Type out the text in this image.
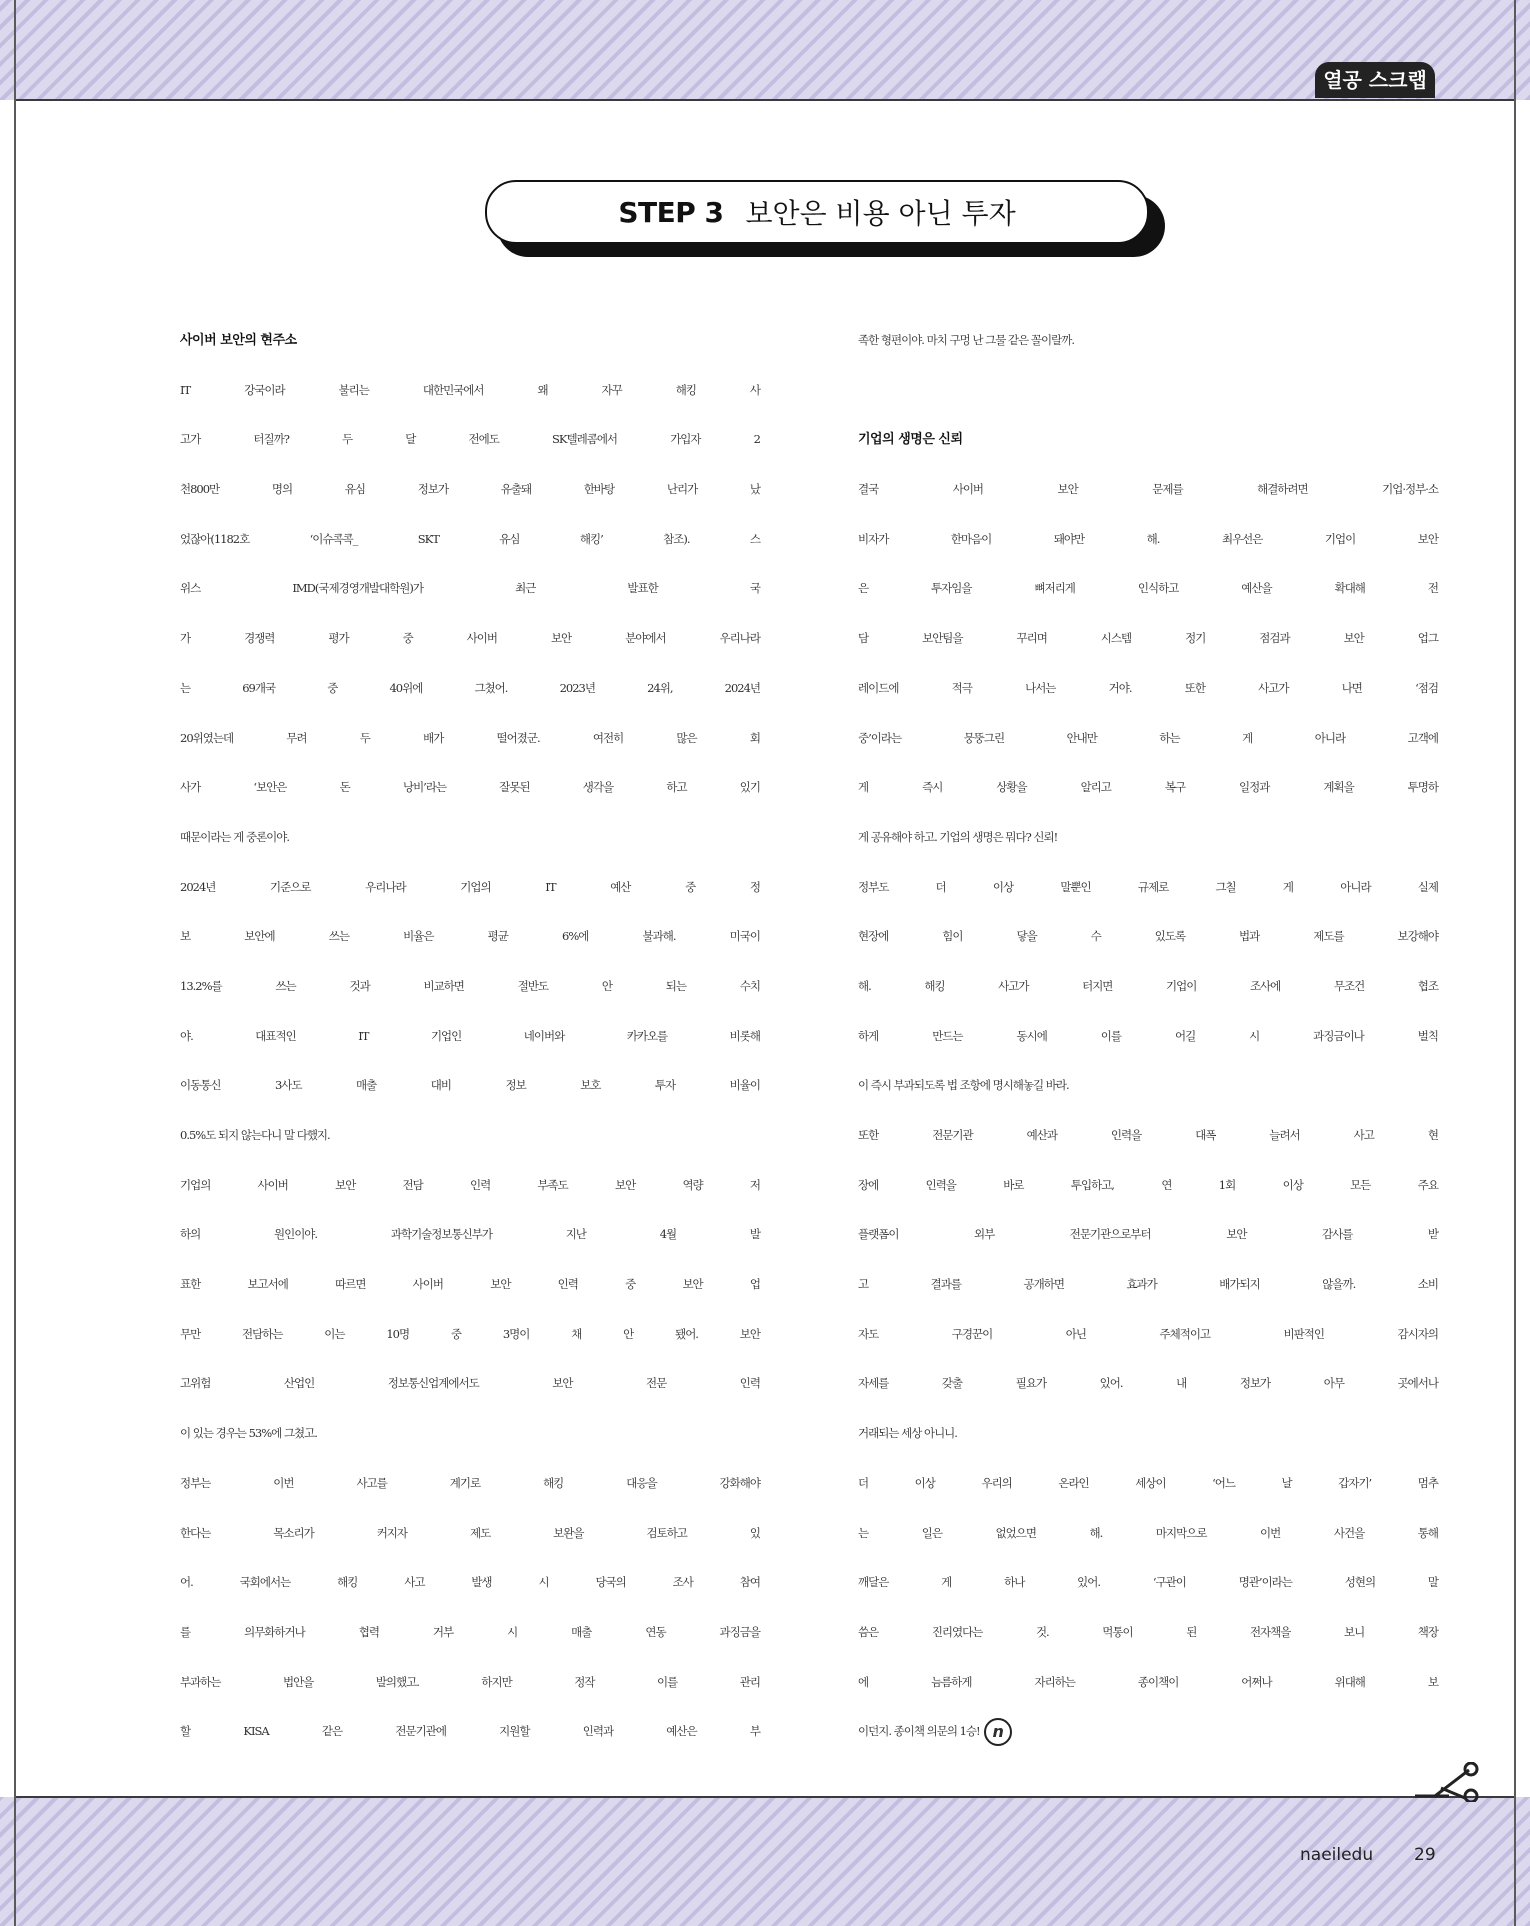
열공 스크랩
STEP 3 보안은 비용 아닌 투자
사이버 보안의 현주소
IT 강국이라 불리는 대한민국에서 왜 자꾸 해킹 사
고가 터질까? 두 달 전에도 SK텔레콤에서 가입자 2
천800만 명의 유심 정보가 유출돼 한바탕 난리가 났
었잖아(1182호 ‘이슈콕콕_ SKT 유심 해킹’ 참조). 스
위스 IMD(국제경영개발대학원)가 최근 발표한 국
가 경쟁력 평가 중 사이버 보안 분야에서 우리나라
는 69개국 중 40위에 그쳤어. 2023년 24위, 2024년
20위였는데 무려 두 배가 떨어졌군. 여전히 많은 회
사가 ‘보안은 돈 낭비’라는 잘못된 생각을 하고 있기
때문이라는 게 중론이야.
2024년 기준으로 우리나라 기업의 IT 예산 중 정
보 보안에 쓰는 비율은 평균 6%에 불과해. 미국이
13.2%를 쓰는 것과 비교하면 절반도 안 되는 수치
야. 대표적인 IT 기업인 네이버와 카카오를 비롯해
이동통신 3사도 매출 대비 정보 보호 투자 비율이
0.5%도 되지 않는다니 말 다했지.
기업의 사이버 보안 전담 인력 부족도 보안 역량 저
하의 원인이야. 과학기술정보통신부가 지난 4월 발
표한 보고서에 따르면 사이버 보안 인력 중 보안 업
무만 전담하는 이는 10명 중 3명이 채 안 됐어. 보안
고위험 산업인 정보통신업계에서도 보안 전문 인력
이 있는 경우는 53%에 그쳤고.
정부는 이번 사고를 계기로 해킹 대응을 강화해야
한다는 목소리가 커지자 제도 보완을 검토하고 있
어. 국회에서는 해킹 사고 발생 시 당국의 조사 참여
를 의무화하거나 협력 거부 시 매출 연동 과징금을
부과하는 법안을 발의했고. 하지만 정작 이를 관리
할 KISA 같은 전문기관에 지원할 인력과 예산은 부
족한 형편이야. 마치 구멍 난 그물 같은 꼴이랄까.
기업의 생명은 신뢰
결국 사이버 보안 문제를 해결하려면 기업·정부·소
비자가 한마음이 돼야만 해. 최우선은 기업이 보안
은 투자임을 뼈저리게 인식하고 예산을 확대해 전
담 보안팀을 꾸리며 시스템 정기 점검과 보안 업그
레이드에 적극 나서는 거야. 또한 사고가 나면 ‘점검
중’이라는 뭉뚱그린 안내만 하는 게 아니라 고객에
게 즉시 상황을 알리고 복구 일정과 계획을 투명하
게 공유해야 하고. 기업의 생명은 뭐다? 신뢰!
정부도 더 이상 말뿐인 규제로 그칠 게 아니라 실제
현장에 힘이 닿을 수 있도록 법과 제도를 보강해야
해. 해킹 사고가 터지면 기업이 조사에 무조건 협조
하게 만드는 동시에 이를 어길 시 과징금이나 벌칙
이 즉시 부과되도록 법 조항에 명시해놓길 바라.
또한 전문기관 예산과 인력을 대폭 늘려서 사고 현
장에 인력을 바로 투입하고, 연 1회 이상 모든 주요
플랫폼이 외부 전문기관으로부터 보안 감사를 받
고 결과를 공개하면 효과가 배가되지 않을까. 소비
자도 구경꾼이 아닌 주체적이고 비판적인 감시자의
자세를 갖출 필요가 있어. 내 정보가 아무 곳에서나
거래되는 세상 아니니.
더 이상 우리의 온라인 세상이 ‘어느 날 갑자기’ 멈추
는 일은 없었으면 해. 마지막으로 이번 사건을 통해
깨달은 게 하나 있어. ‘구관이 명관’이라는 성현의 말
씀은 진리였다는 것. 먹통이 된 전자책을 보니 책장
에 늠름하게 자리하는 종이책이 어쩌나 위대해 보
이던지. 종이책 의문의 1승! n
naeiledu 29
